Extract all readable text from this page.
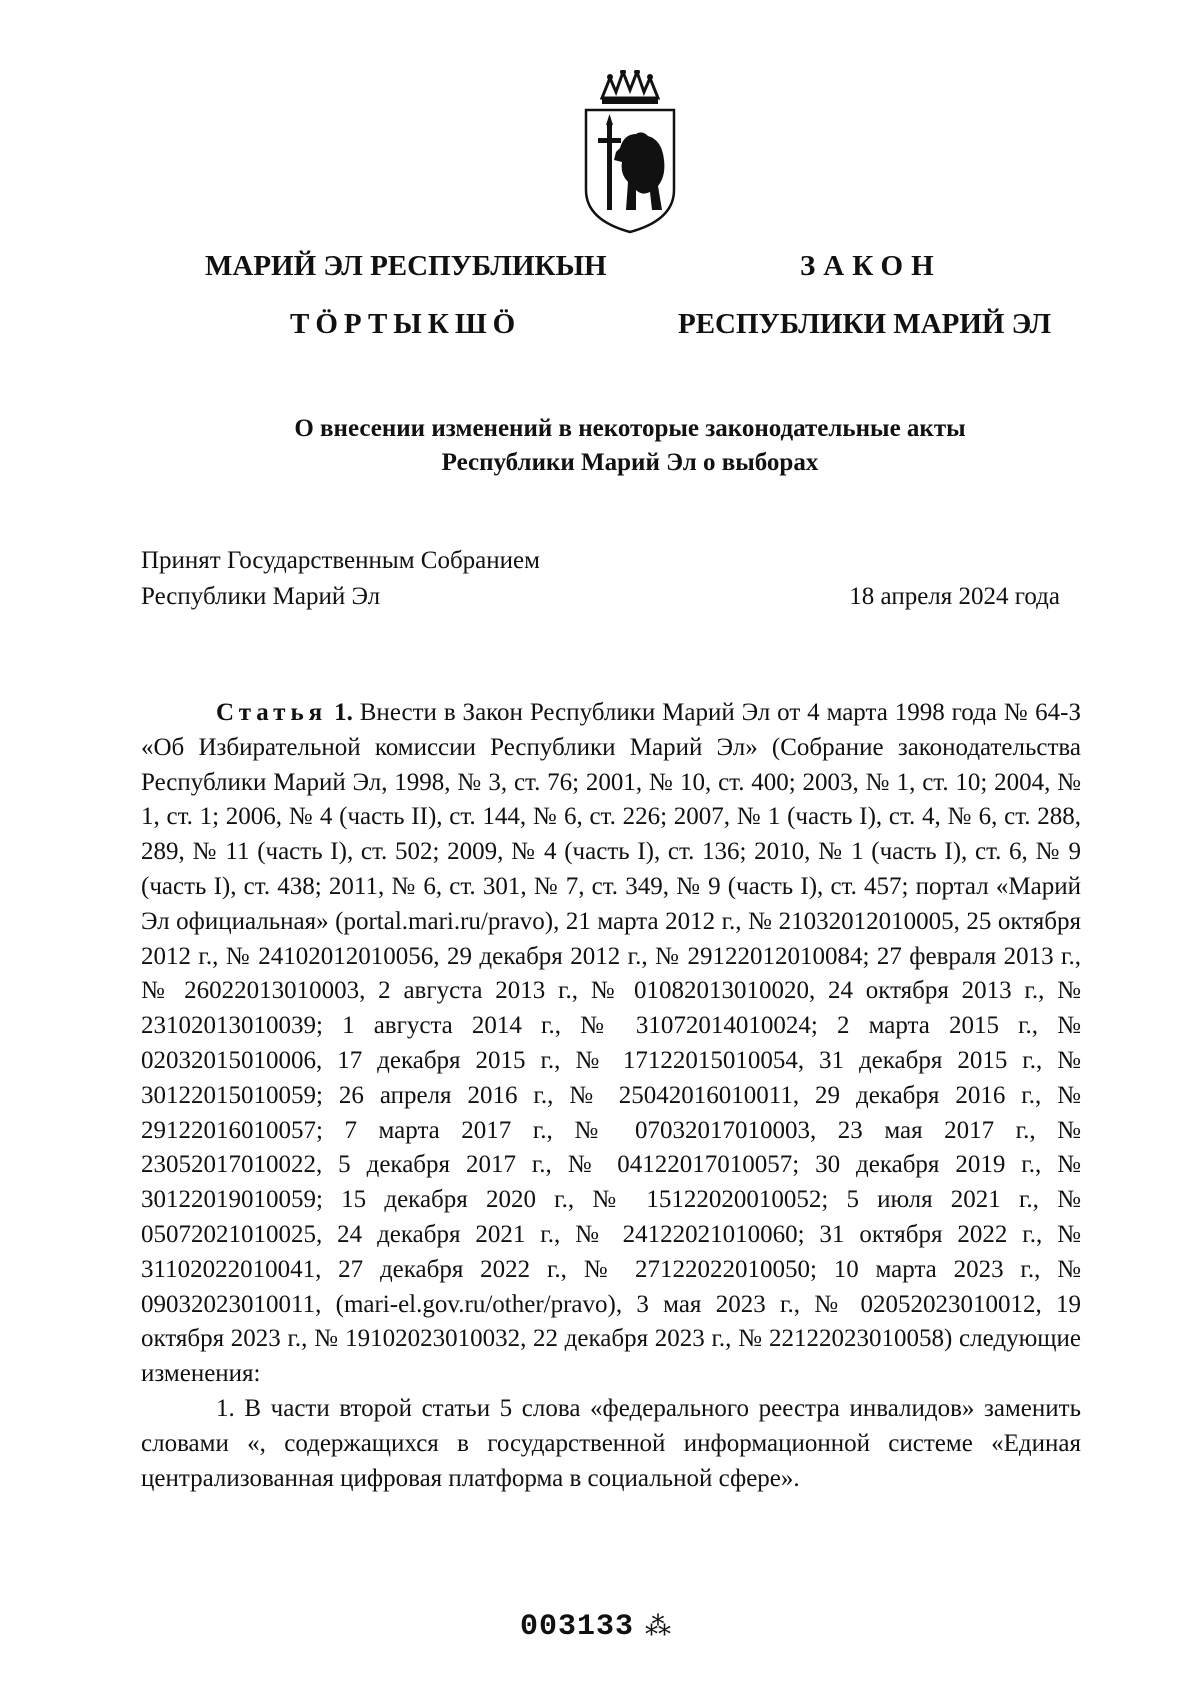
МАРИЙ ЭЛ РЕСПУБЛИКЫН
ТӦРТЫКШӦ
ЗАКОН
РЕСПУБЛИКИ МАРИЙ ЭЛ
О внесении изменений в некоторые законодательные акты
Республики Марий Эл о выборах
Принят Государственным Собранием
Республики Марий Эл	18 апреля 2024 года

Статья 1. Внести в Закон Республики Марий Эл от 4 марта 1998 года № 64-З «Об Избирательной комиссии Республики Марий Эл» (Собрание законодательства Республики Марий Эл, 1998, № 3, ст. 76; 2001, № 10, ст. 400; 2003, № 1, ст. 10; 2004, № 1, ст. 1; 2006, № 4 (часть II), ст. 144, № 6, ст. 226; 2007, № 1 (часть I), ст. 4, № 6, ст. 288, 289, № 11 (часть I), ст. 502; 2009, № 4 (часть I), ст. 136; 2010, № 1 (часть I), ст. 6, № 9 (часть I), ст. 438; 2011, № 6, ст. 301, № 7, ст. 349, № 9 (часть I), ст. 457; портал «Марий Эл официальная» (portal.mari.ru/pravo), 21 марта 2012 г., № 21032012010005, 25 октября 2012 г., № 24102012010056, 29 декабря 2012 г., № 29122012010084; 27 февраля 2013 г., № 26022013010003, 2 августа 2013 г., № 01082013010020, 24 октября 2013 г., № 23102013010039; 1 августа 2014 г., № 31072014010024; 2 марта 2015 г., № 02032015010006, 17 декабря 2015 г., № 17122015010054, 31 декабря 2015 г., № 30122015010059; 26 апреля 2016 г., № 25042016010011, 29 декабря 2016 г., № 29122016010057; 7 марта 2017 г., № 07032017010003, 23 мая 2017 г., № 23052017010022, 5 декабря 2017 г., № 04122017010057; 30 декабря 2019 г., № 30122019010059; 15 декабря 2020 г., № 15122020010052; 5 июля 2021 г., № 05072021010025, 24 декабря 2021 г., № 24122021010060; 31 октября 2022 г., № 31102022010041, 27 декабря 2022 г., № 27122022010050; 10 марта 2023 г., № 09032023010011, (mari-el.gov.ru/other/pravo), 3 мая 2023 г., № 02052023010012, 19 октября 2023 г., № 19102023010032, 22 декабря 2023 г., № 22122023010058) следующие изменения:

1. В части второй статьи 5 слова «федерального реестра инвалидов» заменить словами «, содержащихся в государственной информационной системе «Единая централизованная цифровая платформа в социальной сфере».

003133 ⁂
